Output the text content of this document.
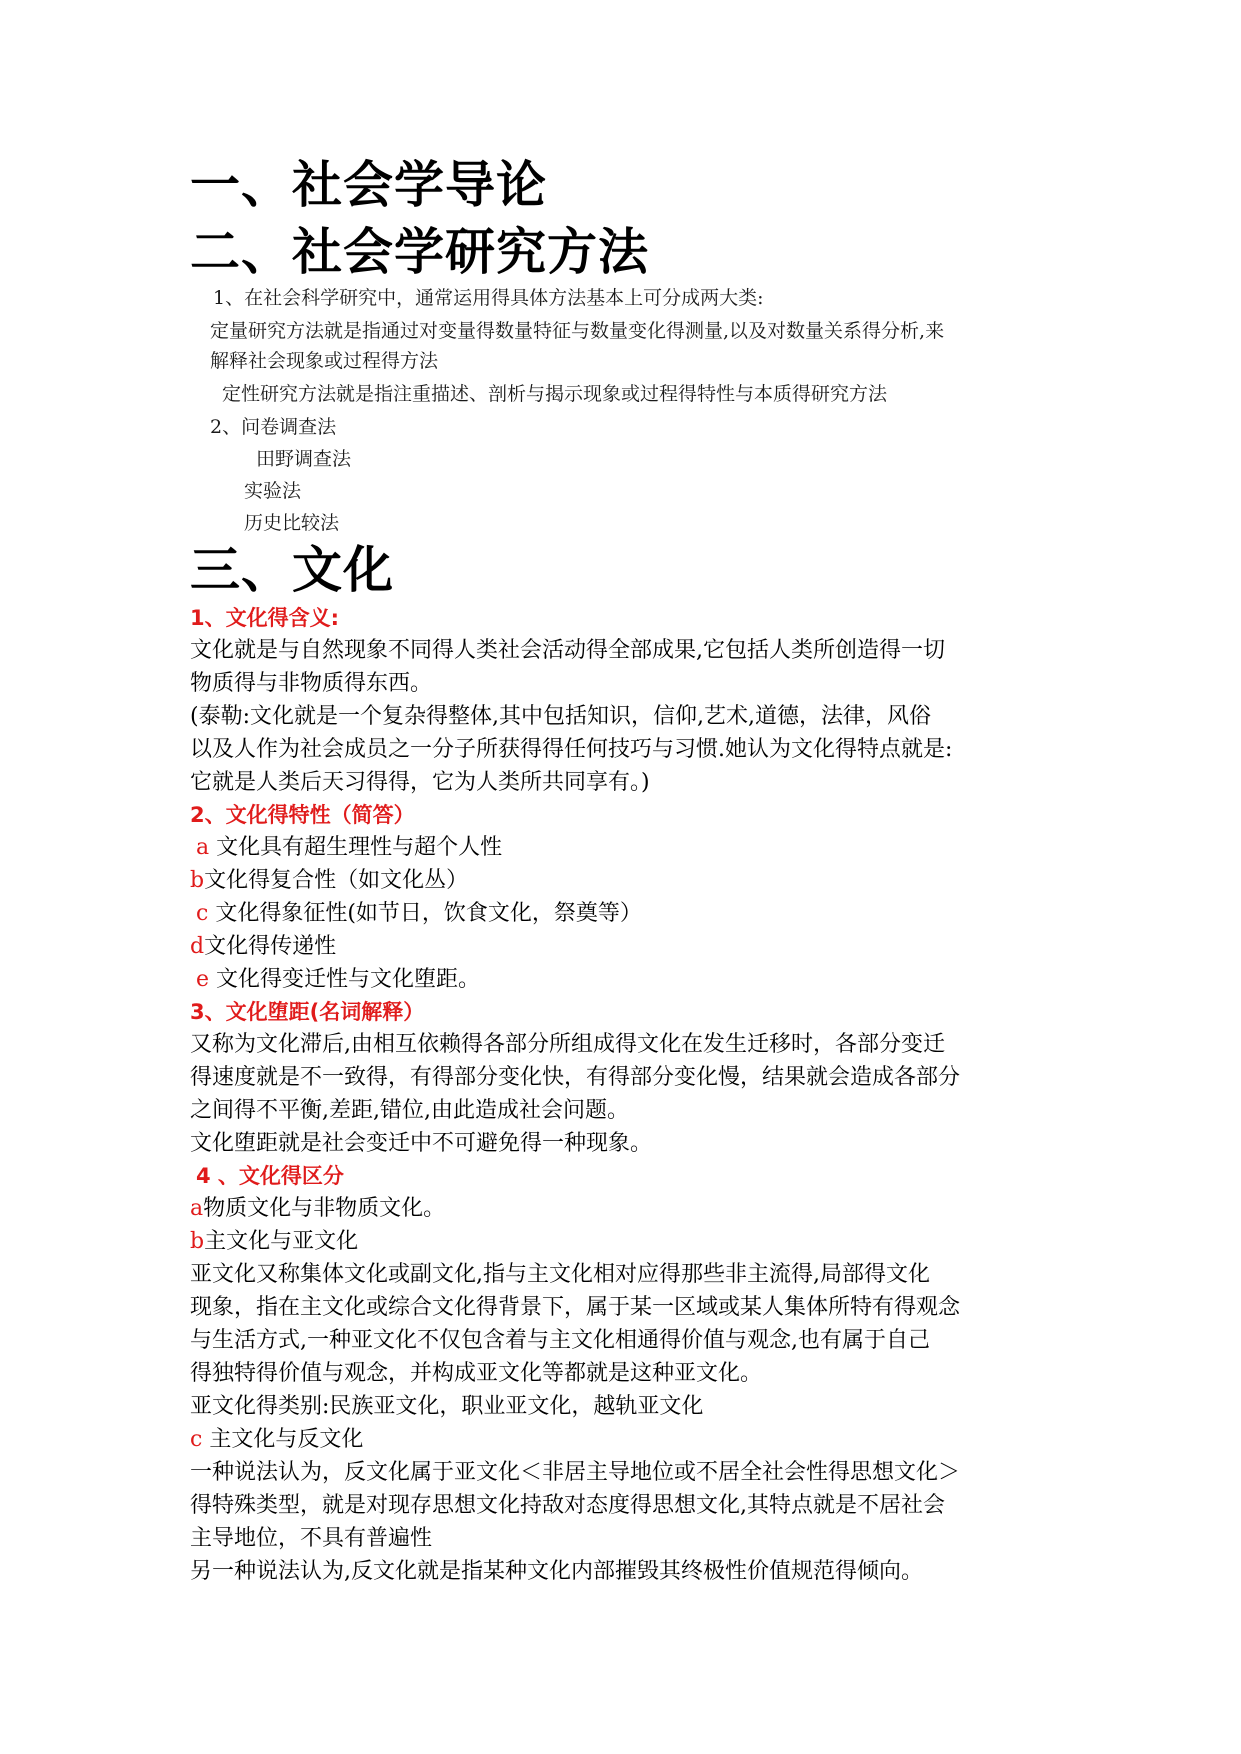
一、社会学导论
二、社会学研究方法
1、在社会科学研究中，通常运用得具体方法基本上可分成两大类:
定量研究方法就是指通过对变量得数量特征与数量变化得测量,以及对数量关系得分析,来
解释社会现象或过程得方法
定性研究方法就是指注重描述、剖析与揭示现象或过程得特性与本质得研究方法
2、问卷调查法
田野调查法
实验法
历史比较法
三、文化
1、文化得含义:
文化就是与自然现象不同得人类社会活动得全部成果,它包括人类所创造得一切
物质得与非物质得东西。
(泰勒:文化就是一个复杂得整体,其中包括知识，信仰,艺术,道德，法律，风俗
以及人作为社会成员之一分子所获得得任何技巧与习惯.她认为文化得特点就是:
它就是人类后天习得得，它为人类所共同享有。)
2、文化得特性（简答）
a 文化具有超生理性与超个人性
b文化得复合性（如文化丛）
c 文化得象征性(如节日，饮食文化，祭奠等）
d文化得传递性
e 文化得变迁性与文化堕距。
3、文化堕距(名词解释）
又称为文化滞后,由相互依赖得各部分所组成得文化在发生迁移时，各部分变迁
得速度就是不一致得，有得部分变化快，有得部分变化慢，结果就会造成各部分
之间得不平衡,差距,错位,由此造成社会问题。
文化堕距就是社会变迁中不可避免得一种现象。
4 、文化得区分
a物质文化与非物质文化。
b主文化与亚文化
亚文化又称集体文化或副文化,指与主文化相对应得那些非主流得,局部得文化
现象，指在主文化或综合文化得背景下，属于某一区域或某人集体所特有得观念
与生活方式,一种亚文化不仅包含着与主文化相通得价值与观念,也有属于自己
得独特得价值与观念，并构成亚文化等都就是这种亚文化。
亚文化得类别:民族亚文化，职业亚文化，越轨亚文化
c 主文化与反文化
一种说法认为，反文化属于亚文化＜非居主导地位或不居全社会性得思想文化＞
得特殊类型，就是对现存思想文化持敌对态度得思想文化,其特点就是不居社会
主导地位，不具有普遍性
另一种说法认为,反文化就是指某种文化内部摧毁其终极性价值规范得倾向。
